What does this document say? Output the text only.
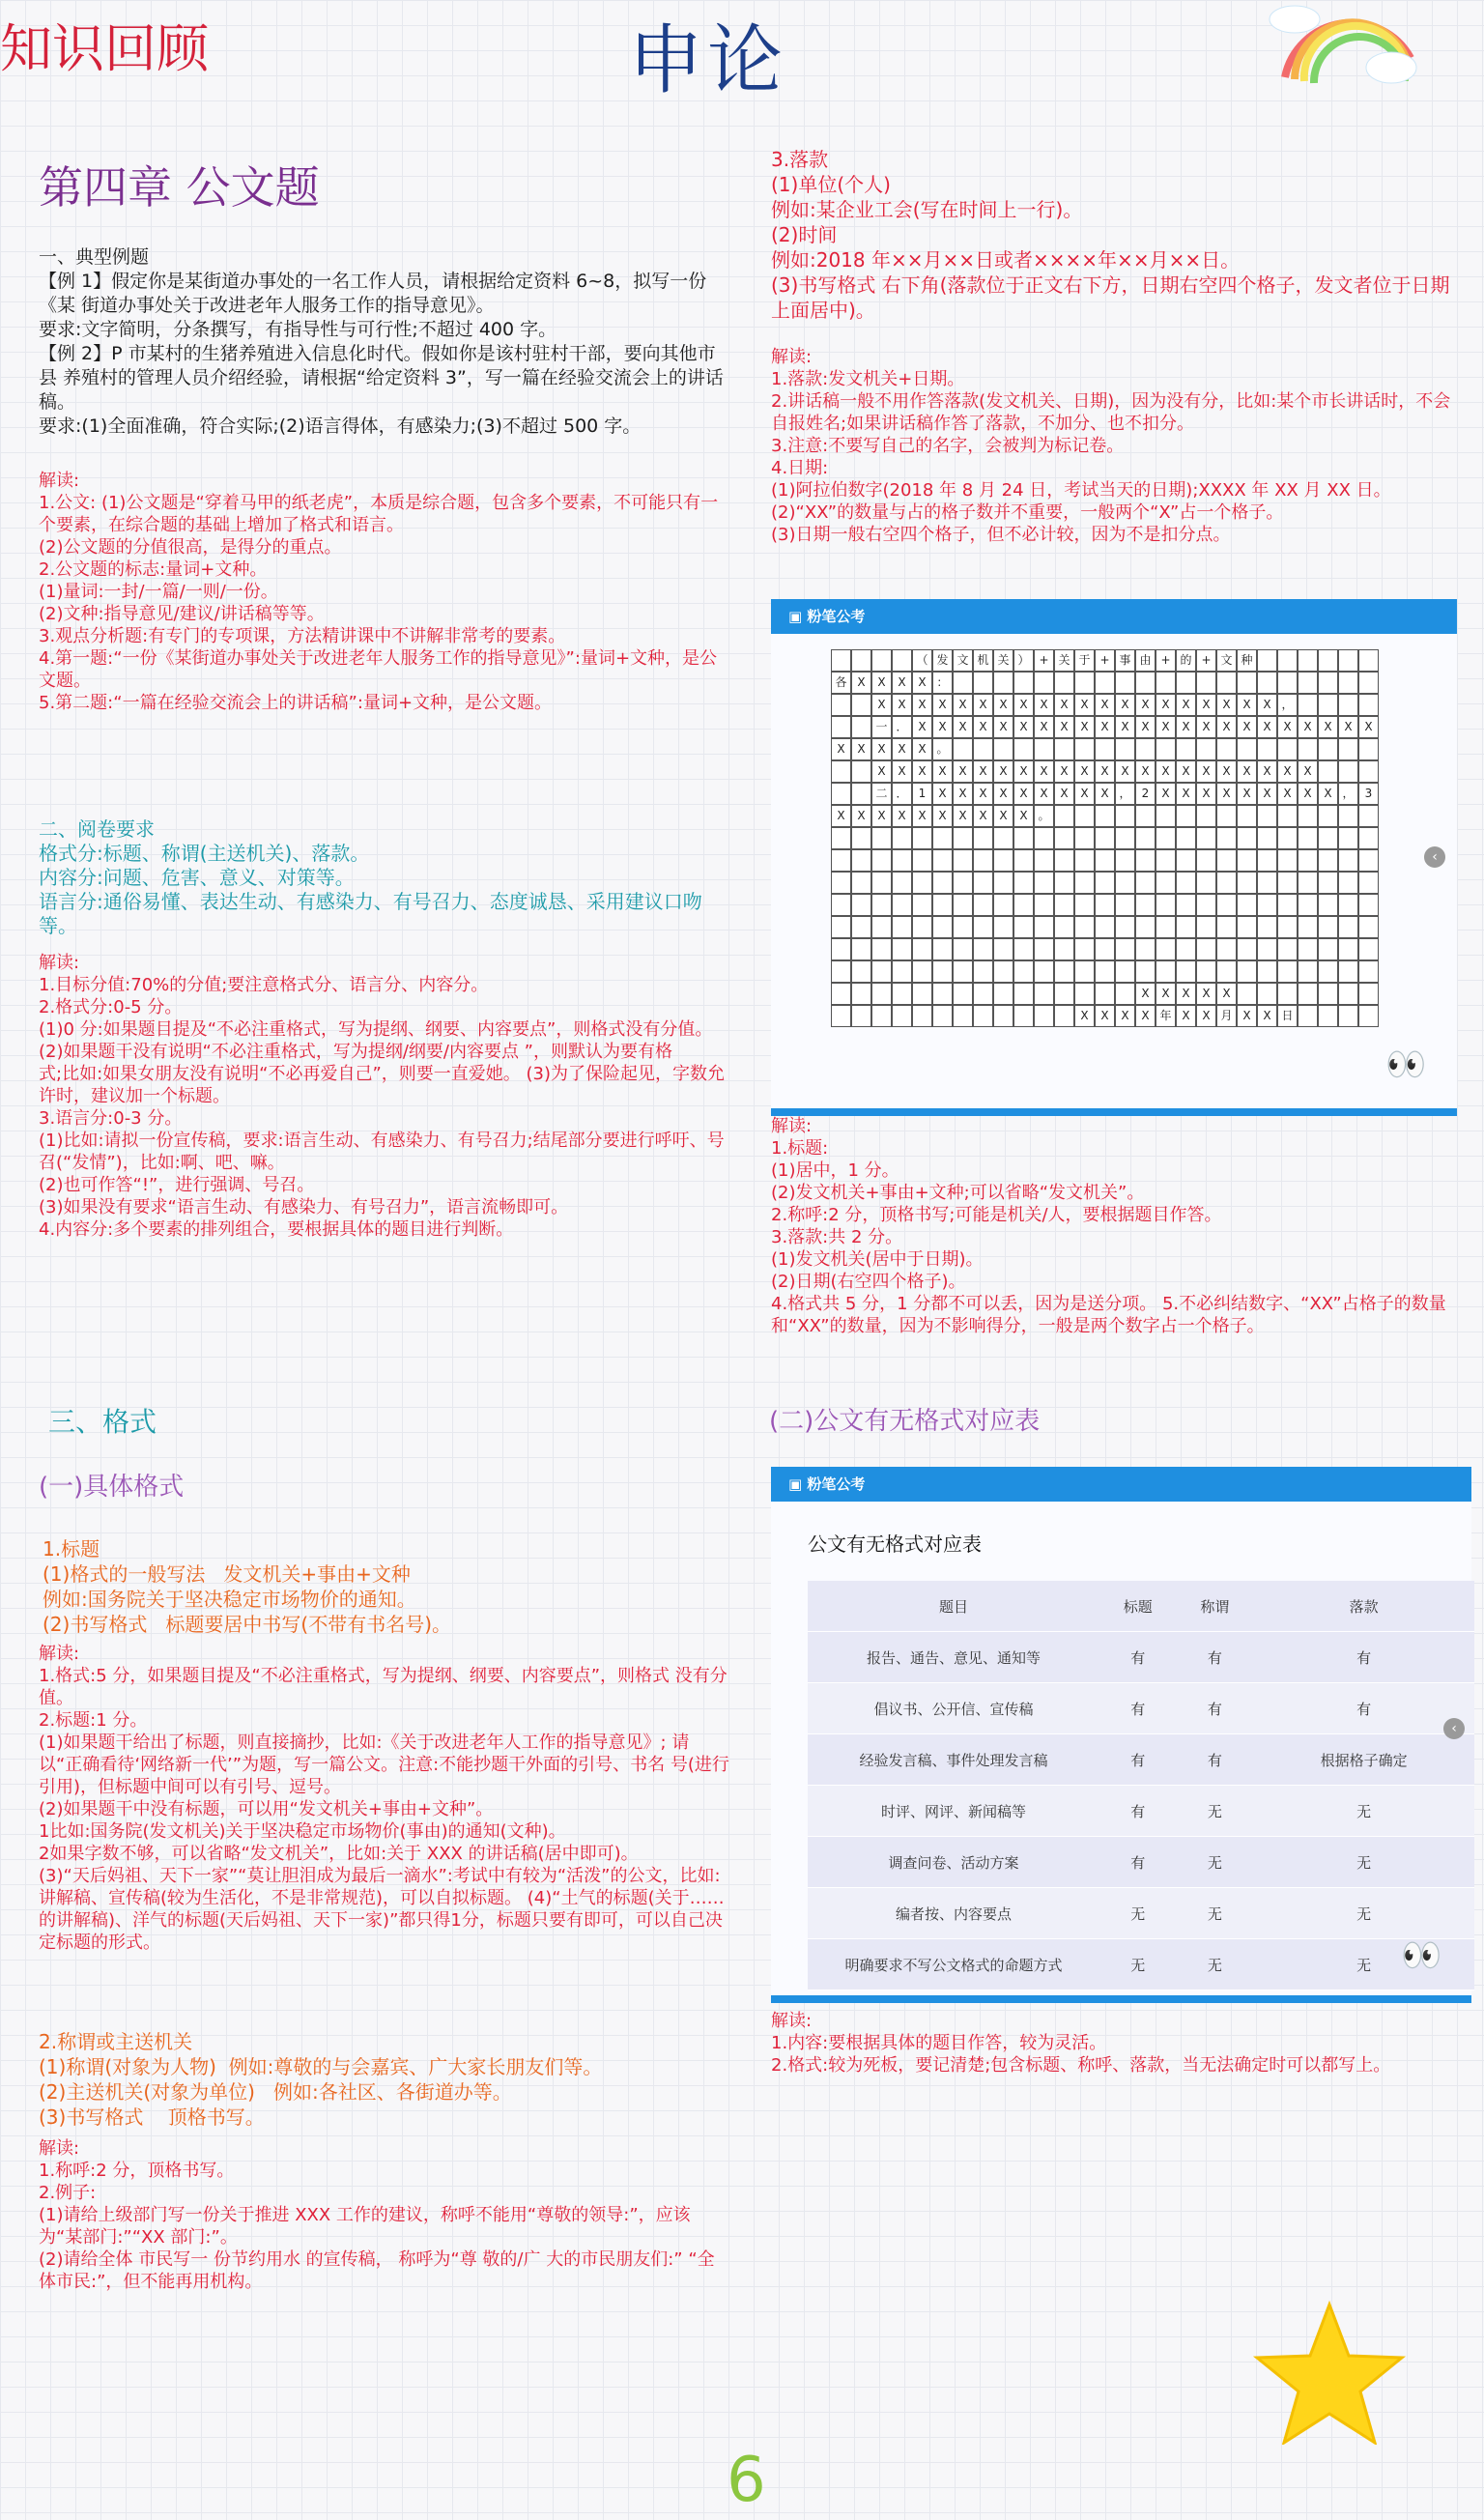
知识回顾	申论
第四章 公文题
一、典型例题
【例 1】假定你是某街道办事处的一名工作人员，请根据给定资料 6~8，拟写一份《某 街道办事处关于改进老年人服务工作的指导意见》。
要求:文字简明，分条撰写，有指导性与可行性;不超过 400 字。
【例 2】P 市某村的生猪养殖进入信息化时代。假如你是该村驻村干部，要向其他市县 养殖村的管理人员介绍经验，请根据“给定资料 3”，写一篇在经验交流会上的讲话稿。
要求:(1)全面准确，符合实际;(2)语言得体，有感染力;(3)不超过 500 字。
解读:
1.公文: (1)公文题是“穿着马甲的纸老虎”，本质是综合题，包含多个要素，不可能只有一个要素，在综合题的基础上增加了格式和语言。
(2)公文题的分值很高，是得分的重点。
2.公文题的标志:量词+文种。
(1)量词:一封/一篇/一则/一份。
(2)文种:指导意见/建议/讲话稿等等。
3.观点分析题:有专门的专项课，方法精讲课中不讲解非常考的要素。
4.第一题:“一份《某街道办事处关于改进老年人服务工作的指导意见》”:量词+文种，是公文题。
5.第二题:“一篇在经验交流会上的讲话稿”:量词+文种，是公文题。
二、阅卷要求
格式分:标题、称谓(主送机关)、落款。
内容分:问题、危害、意义、对策等。
语言分:通俗易懂、表达生动、有感染力、有号召力、态度诚恳、采用建议口吻等。
解读:
1.目标分值:70%的分值;要注意格式分、语言分、内容分。
2.格式分:0-5 分。
(1)0 分:如果题目提及“不必注重格式，写为提纲、纲要、内容要点”，则格式没有分值。
(2)如果题干没有说明“不必注重格式，写为提纲/纲要/内容要点 ”，则默认为要有格
式;比如:如果女朋友没有说明“不必再爱自己”，则要一直爱她。 (3)为了保险起见，字数允许时，建议加一个标题。
3.语言分:0-3 分。
(1)比如:请拟一份宣传稿，要求:语言生动、有感染力、有号召力;结尾部分要进行呼吁、号召(“发情”)，比如:啊、吧、嘛。
(2)也可作答“!”，进行强调、号召。
(3)如果没有要求“语言生动、有感染力、有号召力”，语言流畅即可。
4.内容分:多个要素的排列组合，要根据具体的题目进行判断。
三、格式
(一)具体格式
1.标题
(1)格式的一般写法   发文机关+事由+文种
例如:国务院关于坚决稳定市场物价的通知。
(2)书写格式   标题要居中书写(不带有书名号)。
解读:
1.格式:5 分，如果题目提及“不必注重格式，写为提纲、纲要、内容要点”，则格式 没有分值。
2.标题:1 分。
(1)如果题干给出了标题，则直接摘抄，比如:《关于改进老年人工作的指导意见》; 请以“正确看待‘网络新一代’”为题，写一篇公文。注意:不能抄题干外面的引号、书名 号(进行引用)，但标题中间可以有引号、逗号。
(2)如果题干中没有标题，可以用“发文机关+事由+文种”。
1比如:国务院(发文机关)关于坚决稳定市场物价(事由)的通知(文种)。
2如果字数不够，可以省略“发文机关”，比如:关于 XXX 的讲话稿(居中即可)。
(3)“天后妈祖、天下一家”“莫让胆泪成为最后一滴水”:考试中有较为“活泼”的公文，比如:讲解稿、宣传稿(较为生活化，不是非常规范)，可以自拟标题。 (4)“土气的标题(关于……的讲解稿)、洋气的标题(天后妈祖、天下一家)”都只得1分，标题只要有即可，可以自己决定标题的形式。
2.称谓或主送机关
(1)称谓(对象为人物)  例如:尊敬的与会嘉宾、广大家长朋友们等。
(2)主送机关(对象为单位)   例如:各社区、各街道办等。
(3)书写格式    顶格书写。
解读:
1.称呼:2 分，顶格书写。
2.例子:
(1)请给上级部门写一份关于推进 XXX 工作的建议，称呼不能用“尊敬的领导:”，应该为“某部门:”“XX 部门:”。
(2)请给全体 市民写一 份节约用水 的宣传稿， 称呼为“尊 敬的/广 大的市民朋友们:” “全体市民:”，但不能再用机构。
3.落款
(1)单位(个人)
例如:某企业工会(写在时间上一行)。
(2)时间
例如:2018 年××月××日或者××××年××月××日。
(3)书写格式 右下角(落款位于正文右下方，日期右空四个格子，发文者位于日期上面居中)。
解读:
1.落款:发文机关+日期。
2.讲话稿一般不用作答落款(发文机关、日期)，因为没有分，比如:某个市长讲话时，不会自报姓名;如果讲话稿作答了落款，不加分、也不扣分。
3.注意:不要写自己的名字，会被判为标记卷。
4.日期:
(1)阿拉伯数字(2018 年 8 月 24 日，考试当天的日期);XXXX 年 XX 月 XX 日。
(2)“XX”的数量与占的格子数并不重要，一般两个“X”占一个格子。
(3)日期一般右空四个格子，但不必计较，因为不是扣分点。
▣ 粉笔公考
（ 发 文 机 关 ） + 关 于 + 事 由 + 的 + 文 种
各 X	X	X	X ：
X	X	X	X	X	X	X	X	X	X	X	X	X	X	X	X	X	X	X	X ，
一 ． X	X	X	X	X	X	X	X	X	X	X	X	X	X	X	X	X	X	X	X	X	X	X
X	X	X	X	X 。
X	X	X	X	X	X	X	X	X	X	X	X	X	X	X	X	X	X	X	X	X	X
二 ． 1	X	X	X	X	X	X	X	X	X ， 2	X	X	X	X	X	X	X	X	X ， 3
X	X	X	X	X	X	X	X	X	X 。
X	X	X	X	X
X	X	X	X 年 X	X 月 X	X 日
👀
‹
解读:
1.标题:
(1)居中，1 分。
(2)发文机关+事由+文种;可以省略“发文机关”。
2.称呼:2 分，顶格书写;可能是机关/人，要根据题目作答。
3.落款:共 2 分。
(1)发文机关(居中于日期)。
(2)日期(右空四个格子)。
4.格式共 5 分，1 分都不可以丢，因为是送分项。 5.不必纠结数字、“XX”占格子的数量和“XX”的数量，因为不影响得分，一般是两个数字占一个格子。
(二)公文有无格式对应表
▣ 粉笔公考
公文有无格式对应表
题目	标题	称谓	落款
报告、通告、意见、通知等	有	有	有
倡议书、公开信、宣传稿	有	有	有
经验发言稿、事件处理发言稿	有	有	根据格子确定
时评、网评、新闻稿等	有	无	无
调查问卷、活动方案	有	无	无
编者按、内容要点	无	无	无
明确要求不写公文格式的命题方式	无	无	无 👀
‹
解读:
1.内容:要根据具体的题目作答，较为灵活。
2.格式:较为死板，要记清楚;包含标题、称呼、落款，当无法确定时可以都写上。
6
